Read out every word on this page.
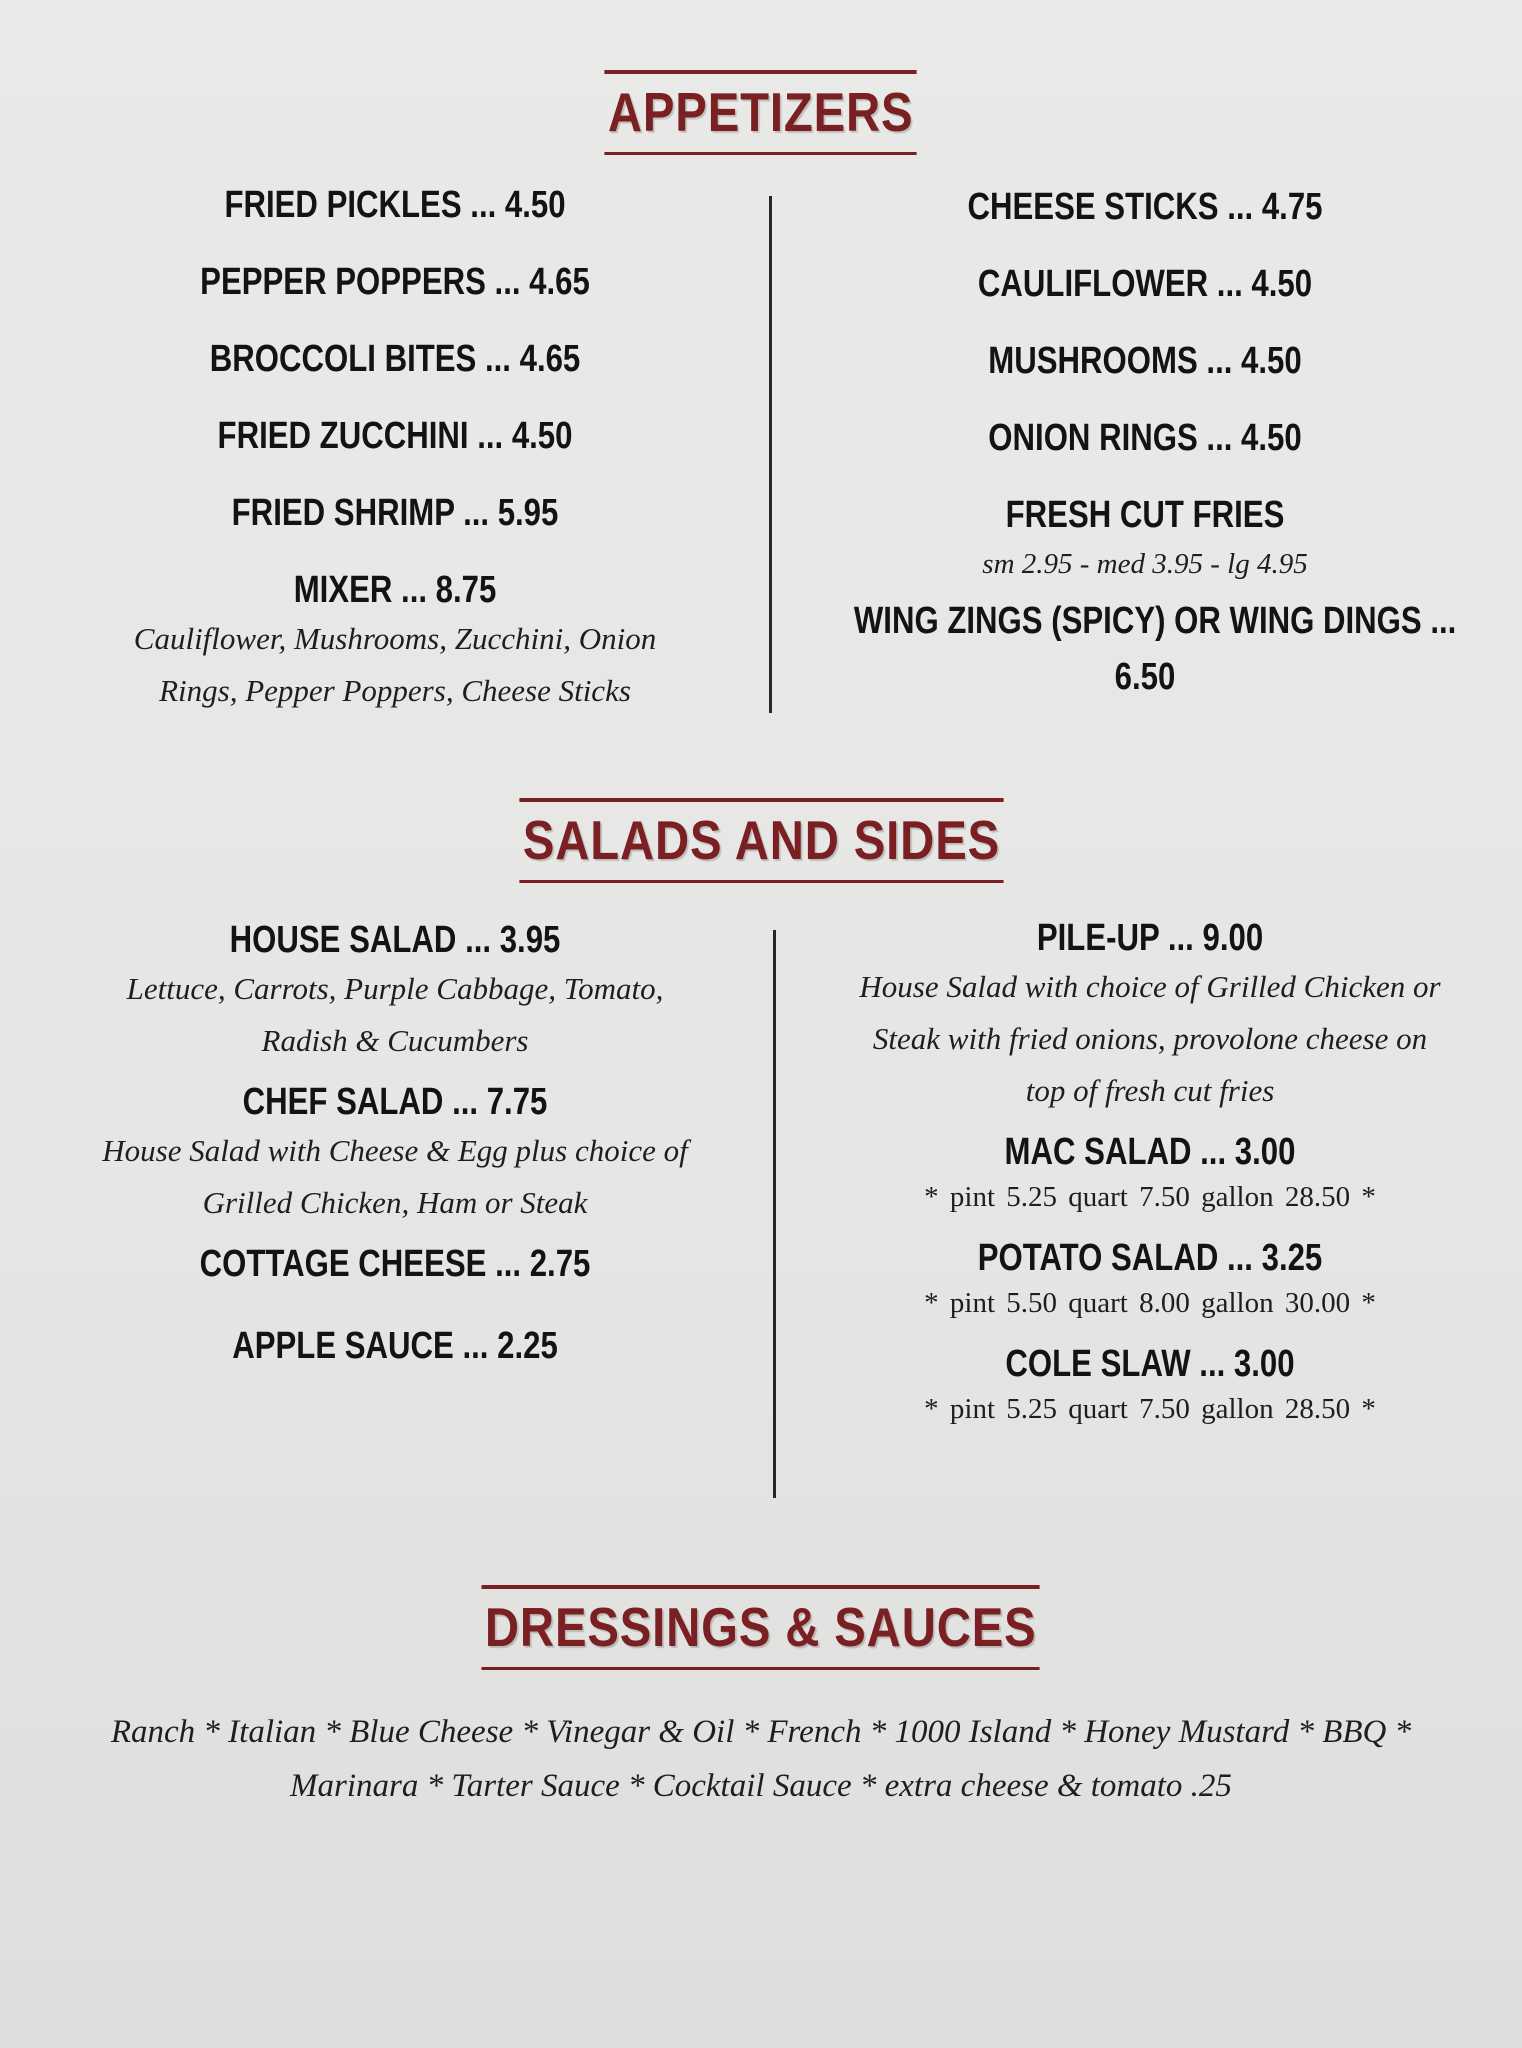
APPETIZERS
FRIED PICKLES ... 4.50
PEPPER POPPERS ... 4.65
BROCCOLI BITES ... 4.65
FRIED ZUCCHINI ... 4.50
FRIED SHRIMP ... 5.95
MIXER ... 8.75
Cauliflower, Mushrooms, Zucchini, Onion
Rings, Pepper Poppers, Cheese Sticks
CHEESE STICKS ... 4.75
CAULIFLOWER ... 4.50
MUSHROOMS ... 4.50
ONION RINGS ... 4.50
FRESH CUT FRIES
sm 2.95 - med 3.95 - lg 4.95
WING ZINGS (SPICY) OR WING DINGS ...
6.50
SALADS AND SIDES
HOUSE SALAD ... 3.95
Lettuce, Carrots, Purple Cabbage, Tomato,
Radish & Cucumbers
CHEF SALAD ... 7.75
House Salad with Cheese & Egg plus choice of
Grilled Chicken, Ham or Steak
COTTAGE CHEESE ... 2.75
APPLE SAUCE ... 2.25
PILE-UP ... 9.00
House Salad with choice of Grilled Chicken or
Steak with fried onions, provolone cheese on
top of fresh cut fries
MAC SALAD ... 3.00
* pint 5.25 quart 7.50 gallon 28.50 *
POTATO SALAD ... 3.25
* pint 5.50 quart 8.00 gallon 30.00 *
COLE SLAW ... 3.00
* pint 5.25 quart 7.50 gallon 28.50 *
DRESSINGS & SAUCES
Ranch * Italian * Blue Cheese * Vinegar & Oil * French * 1000 Island * Honey Mustard * BBQ *
Marinara * Tarter Sauce * Cocktail Sauce * extra cheese & tomato .25
